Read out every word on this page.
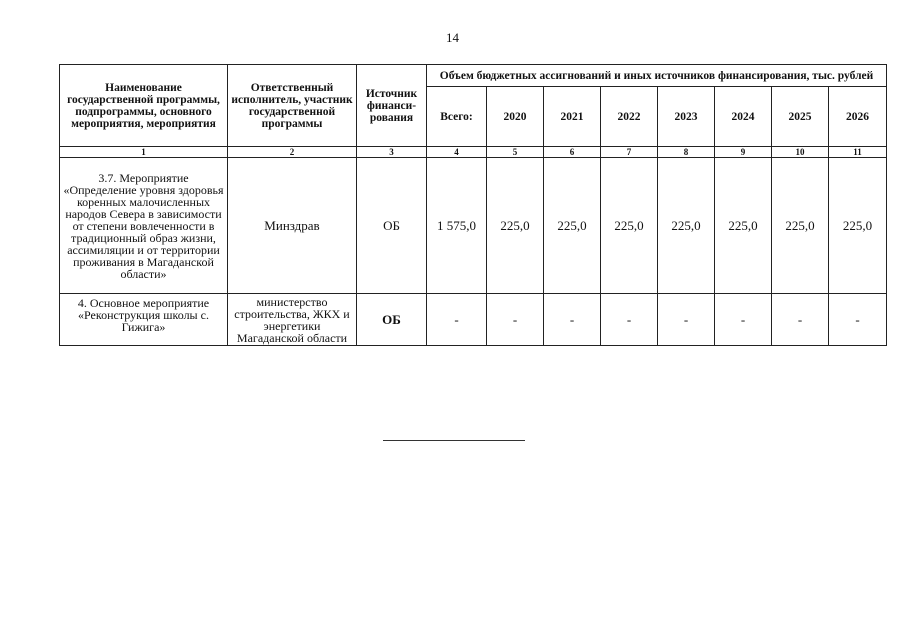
14
Наименование государственной программы, подпрограммы, основного мероприятия, мероприятия	Ответственный исполнитель, участник государственной программы	Источник финанси-рования	Объем бюджетных ассигнований и иных источников финансирования, тыс. рублей							
			Всего:	2020	2021	2022	2023	2024	2025	2026
1	2	3	4	5	6	7	8	9	10	11
3.7. Мероприятие «Определение уровня здоровья коренных малочисленных народов Севера в зависимости от степени вовлеченности в традиционный образ жизни, ассимиляции и от территории проживания в Магаданской области»	Минздрав	ОБ	1 575,0	225,0	225,0	225,0	225,0	225,0	225,0	225,0
4. Основное мероприятие «Реконструкция школы с. Гижига»	министерство строительства, ЖКХ и энергетики Магаданской области	ОБ	-	-	-	-	-	-	-	-
